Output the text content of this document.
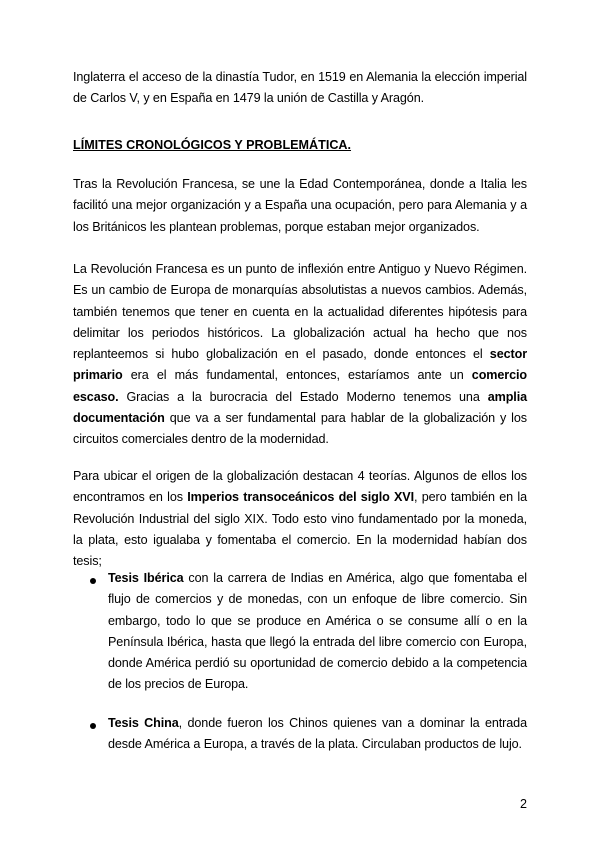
Inglaterra el acceso de la dinastía Tudor, en 1519 en Alemania la elección imperial de Carlos V, y en España en 1479 la unión de Castilla y Aragón.

LÍMITES CRONOLÓGICOS Y PROBLEMÁTICA.

Tras la Revolución Francesa, se une la Edad Contemporánea, donde a Italia les facilitó una mejor organización y a España una ocupación, pero para Alemania y a los Británicos les plantean problemas, porque estaban mejor organizados.

La Revolución Francesa es un punto de inflexión entre Antiguo y Nuevo Régimen. Es un cambio de Europa de monarquías absolutistas a nuevos cambios. Además, también tenemos que tener en cuenta en la actualidad diferentes hipótesis para delimitar los periodos históricos. La globalización actual ha hecho que nos replanteemos si hubo globalización en el pasado, donde entonces el sector primario era el más fundamental, entonces, estaríamos ante un comercio escaso. Gracias a la burocracia del Estado Moderno tenemos una amplia documentación que va a ser fundamental para hablar de la globalización y los circuitos comerciales dentro de la modernidad.

Para ubicar el origen de la globalización destacan 4 teorías. Algunos de ellos los encontramos en los Imperios transoceánicos del siglo XVI, pero también en la Revolución Industrial del siglo XIX. Todo esto vino fundamentado por la moneda, la plata, esto igualaba y fomentaba el comercio. En la modernidad habían dos tesis;

Tesis Ibérica con la carrera de Indias en América, algo que fomentaba el flujo de comercios y de monedas, con un enfoque de libre comercio. Sin embargo, todo lo que se produce en América o se consume allí o en la Península Ibérica, hasta que llegó la entrada del libre comercio con Europa, donde América perdió su oportunidad de comercio debido a la competencia de los precios de Europa.

Tesis China, donde fueron los Chinos quienes van a dominar la entrada desde América a Europa, a través de la plata. Circulaban productos de lujo.

2
